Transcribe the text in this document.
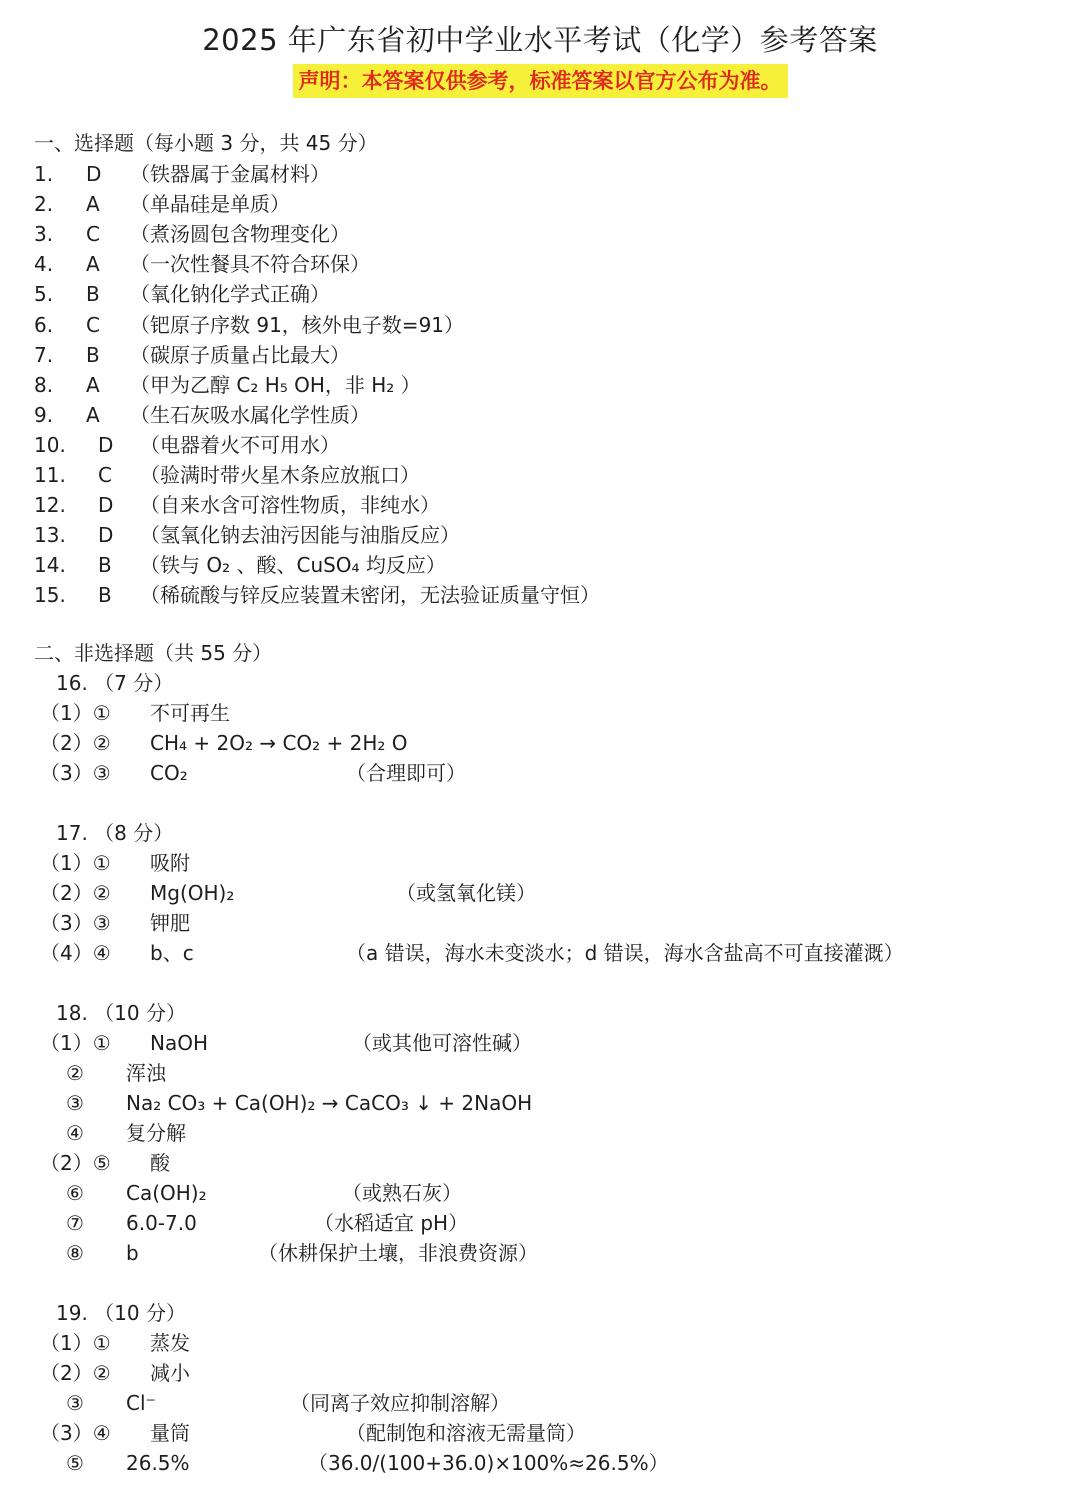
2025 年广东省初中学业水平考试（化学）参考答案
声明：本答案仅供参考，标准答案以官方公布为准。
一、选择题（每小题 3 分，共 45 分）
1. D （铁器属于金属材料）
2. A （单晶硅是单质）
3. C （煮汤圆包含物理变化）
4. A （一次性餐具不符合环保）
5. B （氧化钠化学式正确）
6. C （钯原子序数 91，核外电子数=91）
7. B （碳原子质量占比最大）
8. A （甲为乙醇 C₂ H₅ OH，非 H₂ ）
9. A （生石灰吸水属化学性质）
10. D （电器着火不可用水）
11. C （验满时带火星木条应放瓶口）
12. D （自来水含可溶性物质，非纯水）
13. D （氢氧化钠去油污因能与油脂反应）
14. B （铁与 O₂ 、酸、CuSO₄ 均反应）
15. B （稀硫酸与锌反应装置未密闭，无法验证质量守恒）
二、非选择题（共 55 分）
16. （7 分）
（1）① 不可再生
（2）② CH₄ + 2O₂ → CO₂ + 2H₂ O
（3）③ CO₂	（合理即可）
17. （8 分）
（1）① 吸附
（2）② Mg(OH)₂	（或氢氧化镁）
（3）③ 钾肥
（4）④ b、c	（a 错误，海水未变淡水；d 错误，海水含盐高不可直接灌溉）
18. （10 分）
（1）① NaOH	（或其他可溶性碱）
② 浑浊
③ Na₂ CO₃ + Ca(OH)₂ → CaCO₃ ↓ + 2NaOH
④ 复分解
（2）⑤ 酸
⑥ Ca(OH)₂	（或熟石灰）
⑦ 6.0-7.0	（水稻适宜 pH）
⑧ b	（休耕保护土壤，非浪费资源）
19. （10 分）
（1）① 蒸发
（2）② 减小
③ Cl⁻	（同离子效应抑制溶解）
（3）④ 量筒	（配制饱和溶液无需量筒）
⑤ 26.5%	（36.0/(100+36.0)×100%≈26.5%）
